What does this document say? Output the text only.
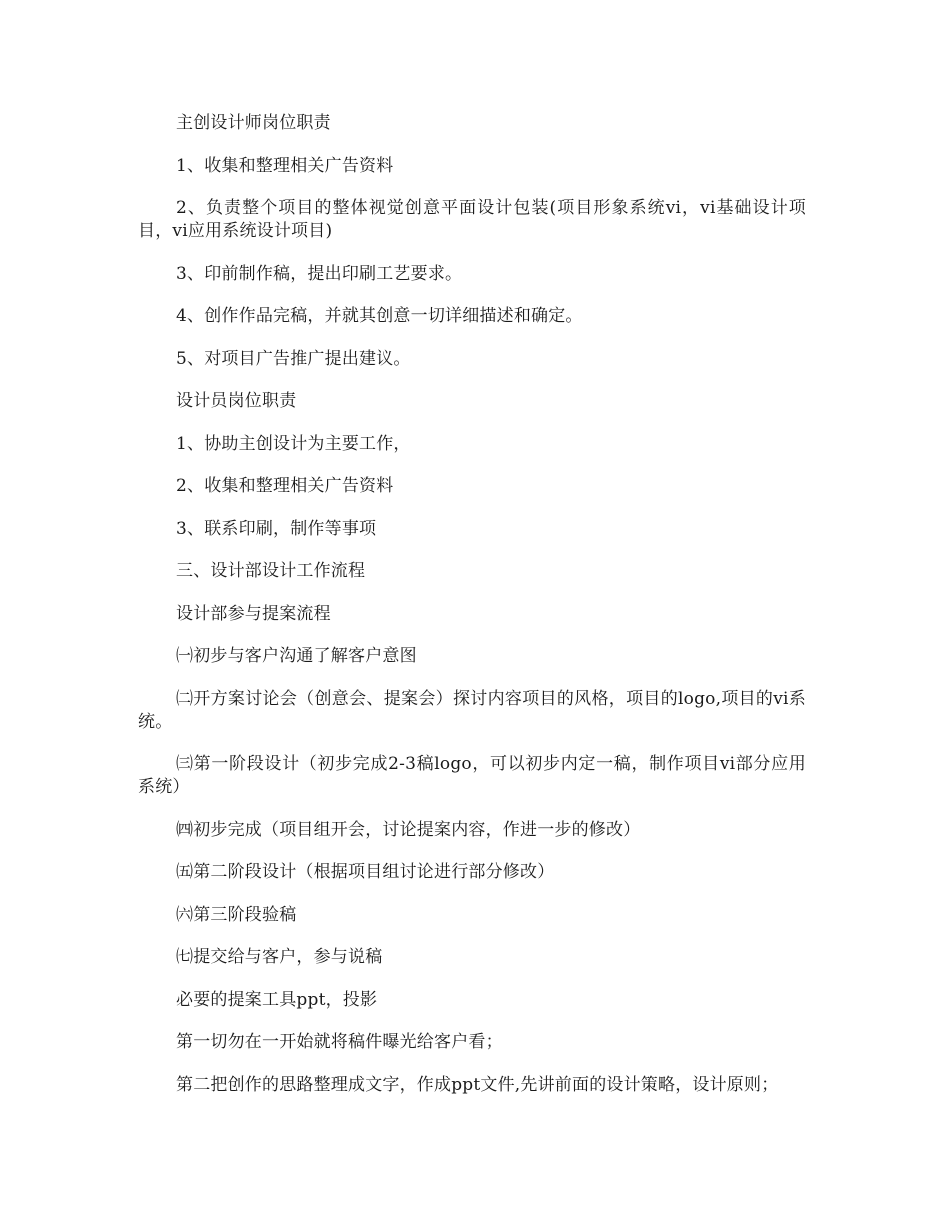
主创设计师岗位职责

1、收集和整理相关广告资料

2、负责整个项目的整体视觉创意平面设计包装(项目形象系统vi，vi基础设计项目，vi应用系统设计项目)

3、印前制作稿，提出印刷工艺要求。

4、创作作品完稿，并就其创意一切详细描述和确定。

5、对项目广告推广提出建议。

设计员岗位职责

1、协助主创设计为主要工作，

2、收集和整理相关广告资料

3、联系印刷，制作等事项

三、设计部设计工作流程

设计部参与提案流程

㈠初步与客户沟通了解客户意图

㈡开方案讨论会（创意会、提案会）探讨内容项目的风格，项目的logo,项目的vi系统。

㈢第一阶段设计（初步完成2-3稿logo，可以初步内定一稿，制作项目vi部分应用系统）

㈣初步完成（项目组开会，讨论提案内容，作进一步的修改）

㈤第二阶段设计（根据项目组讨论进行部分修改）

㈥第三阶段验稿

㈦提交给与客户，参与说稿

必要的提案工具ppt，投影

第一切勿在一开始就将稿件曝光给客户看；

第二把创作的思路整理成文字，作成ppt文件,先讲前面的设计策略，设计原则；
